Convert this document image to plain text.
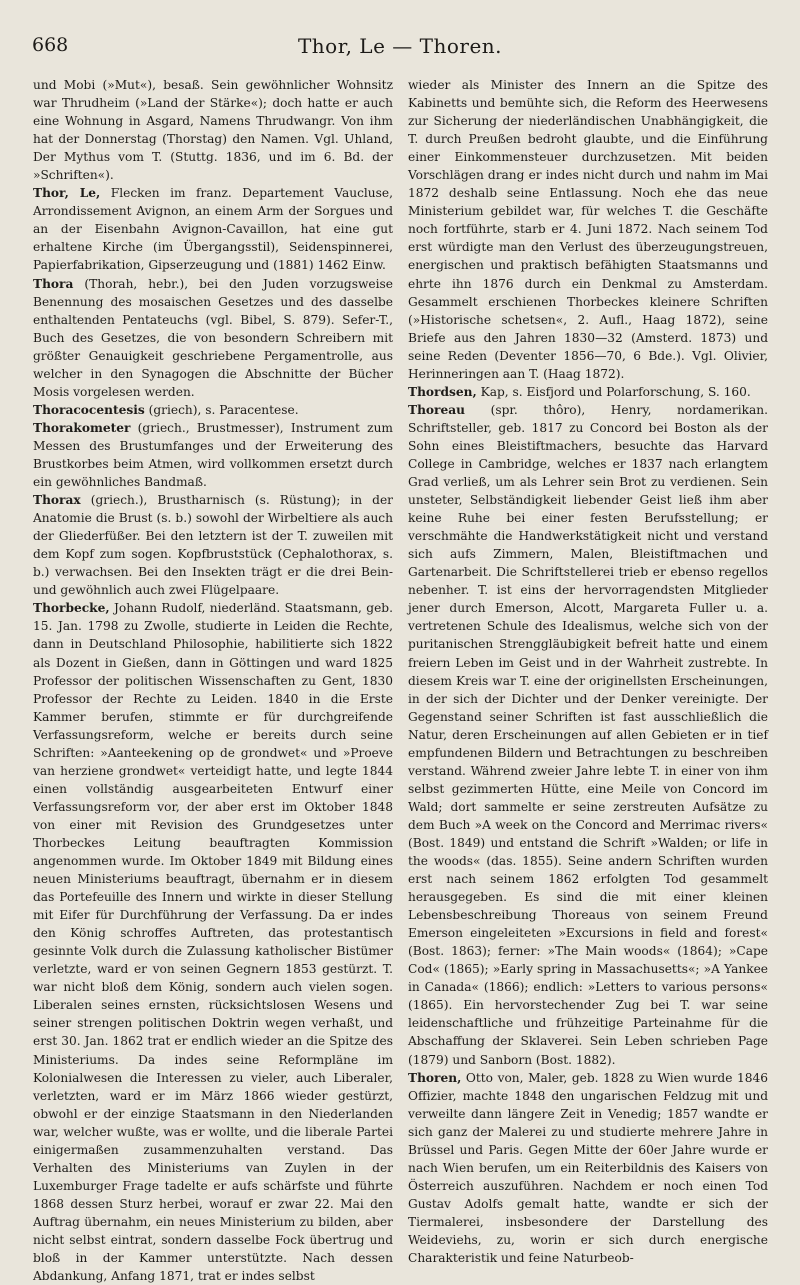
668	Thor, Le — Thoren.

und Mobi (»Mut«), besaß. Sein gewöhnlicher Wohnsitz war Thrudheim (»Land der Stärke«); doch hatte er auch eine Wohnung in Asgard, Namens Thrudwangr. Von ihm hat der Donnerstag (Thorstag) den Namen. Vgl. Uhland, Der Mythus vom T. (Stuttg. 1836, und im 6. Bd. der »Schriften«).

Thor, Le, Flecken im franz. Departement Vaucluse, Arrondissement Avignon, an einem Arm der Sorgues und an der Eisenbahn Avignon-Cavaillon, hat eine gut erhaltene Kirche (im Übergangsstil), Seidenspinnerei, Papierfabrikation, Gipserzeugung und (1881) 1462 Einw.

Thora (Thorah, hebr.), bei den Juden vorzugsweise Benennung des mosaischen Gesetzes und des dasselbe enthaltenden Pentateuchs (vgl. Bibel, S. 879). Sefer-T., Buch des Gesetzes, die von besondern Schreibern mit größter Genauigkeit geschriebene Pergamentrolle, aus welcher in den Synagogen die Abschnitte der Bücher Mosis vorgelesen werden.

Thoracocentesis (griech), s. Paracentese.

Thorakometer (griech., Brustmesser), Instrument zum Messen des Brustumfanges und der Erweiterung des Brustkorbes beim Atmen, wird vollkommen ersetzt durch ein gewöhnliches Bandmaß.

Thorax (griech.), Brustharnisch (s. Rüstung); in der Anatomie die Brust (s. b.) sowohl der Wirbeltiere als auch der Gliederfüßer. Bei den letztern ist der T. zuweilen mit dem Kopf zum sogen. Kopfbruststück (Cephalothorax, s. b.) verwachsen. Bei den Insekten trägt er die drei Bein- und gewöhnlich auch zwei Flügelpaare.

Thorbecke, Johann Rudolf, niederländ. Staatsmann, geb. 15. Jan. 1798 zu Zwolle, studierte in Leiden die Rechte, dann in Deutschland Philosophie, habilitierte sich 1822 als Dozent in Gießen, dann in Göttingen und ward 1825 Professor der politischen Wissenschaften zu Gent, 1830 Professor der Rechte zu Leiden. 1840 in die Erste Kammer berufen, stimmte er für durchgreifende Verfassungsreform, welche er bereits durch seine Schriften: »Aanteekening op de grondwet« und »Proeve van herziene grondwet« verteidigt hatte, und legte 1844 einen vollständig ausgearbeiteten Entwurf einer Verfassungsreform vor, der aber erst im Oktober 1848 von einer mit Revision des Grundgesetzes unter Thorbeckes Leitung beauftragten Kommission angenommen wurde. Im Oktober 1849 mit Bildung eines neuen Ministeriums beauftragt, übernahm er in diesem das Portefeuille des Innern und wirkte in dieser Stellung mit Eifer für Durchführung der Verfassung. Da er indes den König schroffes Auftreten, das protestantisch gesinnte Volk durch die Zulassung katholischer Bistümer verletzte, ward er von seinen Gegnern 1853 gestürzt. T. war nicht bloß dem König, sondern auch vielen sogen. Liberalen seines ernsten, rücksichtslosen Wesens und seiner strengen politischen Doktrin wegen verhaßt, und erst 30. Jan. 1862 trat er endlich wieder an die Spitze des Ministeriums. Da indes seine Reformpläne im Kolonialwesen die Interessen zu vieler, auch Liberaler, verletzten, ward er im März 1866 wieder gestürzt, obwohl er der einzige Staatsmann in den Niederlanden war, welcher wußte, was er wollte, und die liberale Partei einigermaßen zusammenzuhalten verstand. Das Verhalten des Ministeriums van Zuylen in der Luxemburger Frage tadelte er aufs schärfste und führte 1868 dessen Sturz herbei, worauf er zwar 22. Mai den Auftrag übernahm, ein neues Ministerium zu bilden, aber nicht selbst eintrat, sondern dasselbe Fock übertrug und bloß in der Kammer unterstützte. Nach dessen Abdankung, Anfang 1871, trat er indes selbst

wieder als Minister des Innern an die Spitze des Kabinetts und bemühte sich, die Reform des Heerwesens zur Sicherung der niederländischen Unabhängigkeit, die T. durch Preußen bedroht glaubte, und die Einführung einer Einkommensteuer durchzusetzen. Mit beiden Vorschlägen drang er indes nicht durch und nahm im Mai 1872 deshalb seine Entlassung. Noch ehe das neue Ministerium gebildet war, für welches T. die Geschäfte noch fortführte, starb er 4. Juni 1872. Nach seinem Tod erst würdigte man den Verlust des überzeugungstreuen, energischen und praktisch befähigten Staatsmanns und ehrte ihn 1876 durch ein Denkmal zu Amsterdam. Gesammelt erschienen Thorbeckes kleinere Schriften (»Historische schetsen«, 2. Aufl., Haag 1872), seine Briefe aus den Jahren 1830—32 (Amsterd. 1873) und seine Reden (Deventer 1856—70, 6 Bde.). Vgl. Olivier, Herinneringen aan T. (Haag 1872).

Thordsen, Kap, s. Eisfjord und Polarforschung, S. 160.

Thoreau (spr. thôro), Henry, nordamerikan. Schriftsteller, geb. 1817 zu Concord bei Boston als der Sohn eines Bleistiftmachers, besuchte das Harvard College in Cambridge, welches er 1837 nach erlangtem Grad verließ, um als Lehrer sein Brot zu verdienen. Sein unsteter, Selbständigkeit liebender Geist ließ ihm aber keine Ruhe bei einer festen Berufsstellung; er verschmähte die Handwerkstätigkeit nicht und verstand sich aufs Zimmern, Malen, Bleistiftmachen und Gartenarbeit. Die Schriftstellerei trieb er ebenso regellos nebenher. T. ist eins der hervorragendsten Mitglieder jener durch Emerson, Alcott, Margareta Fuller u. a. vertretenen Schule des Idealismus, welche sich von der puritanischen Strenggläubigkeit befreit hatte und einem freiern Leben im Geist und in der Wahrheit zustrebte. In diesem Kreis war T. eine der originellsten Erscheinungen, in der sich der Dichter und der Denker vereinigte. Der Gegenstand seiner Schriften ist fast ausschließlich die Natur, deren Erscheinungen auf allen Gebieten er in tief empfundenen Bildern und Betrachtungen zu beschreiben verstand. Während zweier Jahre lebte T. in einer von ihm selbst gezimmerten Hütte, eine Meile von Concord im Wald; dort sammelte er seine zerstreuten Aufsätze zu dem Buch »A week on the Concord and Merrimac rivers« (Bost. 1849) und entstand die Schrift »Walden; or life in the woods« (das. 1855). Seine andern Schriften wurden erst nach seinem 1862 erfolgten Tod gesammelt herausgegeben. Es sind die mit einer kleinen Lebensbeschreibung Thoreaus von seinem Freund Emerson eingeleiteten »Excursions in field and forest« (Bost. 1863); ferner: »The Main woods« (1864); »Cape Cod« (1865); »Early spring in Massachusetts«; »A Yankee in Canada« (1866); endlich: »Letters to various persons« (1865). Ein hervorstechender Zug bei T. war seine leidenschaftliche und frühzeitige Parteinahme für die Abschaffung der Sklaverei. Sein Leben schrieben Page (1879) und Sanborn (Bost. 1882).

Thoren, Otto von, Maler, geb. 1828 zu Wien wurde 1846 Offizier, machte 1848 den ungarischen Feldzug mit und verweilte dann längere Zeit in Venedig; 1857 wandte er sich ganz der Malerei zu und studierte mehrere Jahre in Brüssel und Paris. Gegen Mitte der 60er Jahre wurde er nach Wien berufen, um ein Reiterbildnis des Kaisers von Österreich auszuführen. Nachdem er noch einen Tod Gustav Adolfs gemalt hatte, wandte er sich der Tiermalerei, insbesondere der Darstellung des Weideviehs, zu, worin er sich durch energische Charakteristik und feine Naturbeob-
